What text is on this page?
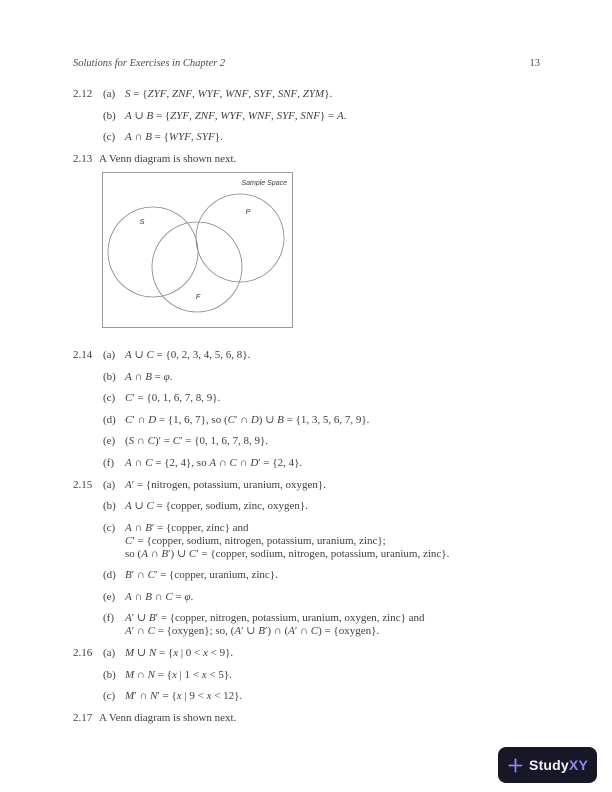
Solutions for Exercises in Chapter 2	13
2.12 (a) S = {ZYF, ZNF, WYF, WNF, SYF, SNF, ZYM}.
(b) A ∪ B = {ZYF, ZNF, WYF, WNF, SYF, SNF} = A.
(c) A ∩ B = {WYF, SYF}.
2.13 A Venn diagram is shown next.
Sample Space
S
P
F
2.14 (a) A ∪ C = {0, 2, 3, 4, 5, 6, 8}.
(b) A ∩ B = φ.
(c) C′ = {0, 1, 6, 7, 8, 9}.
(d) C′ ∩ D = {1, 6, 7}, so (C′ ∩ D) ∪ B = {1, 3, 5, 6, 7, 9}.
(e) (S ∩ C)′ = C′ = {0, 1, 6, 7, 8, 9}.
(f)	A ∩ C = {2, 4}, so A ∩ C ∩ D′ = {2, 4}.
2.15 (a) A′ = {nitrogen, potassium, uranium, oxygen}.
(b) A ∪ C = {copper, sodium, zinc, oxygen}.
(c) A ∩ B′ = {copper, zinc} and
C′ = {copper, sodium, nitrogen, potassium, uranium, zinc};
so (A ∩ B′) ∪ C′ = {copper, sodium, nitrogen, potassium, uranium, zinc}.
(d) B′ ∩ C′ = {copper, uranium, zinc}.
(e) A ∩ B ∩ C = φ.
(f)	A′ ∪ B′ = {copper, nitrogen, potassium, uranium, oxygen, zinc} and
A′ ∩ C = {oxygen}; so, (A′ ∪ B′) ∩ (A′ ∩ C) = {oxygen}.
2.16 (a) M ∪ N = {x | 0 < x < 9}.
(b) M ∩ N = {x | 1 < x < 5}.
(c) M′ ∩ N′ = {x | 9 < x < 12}.
2.17 A Venn diagram is shown next.
Study XY
